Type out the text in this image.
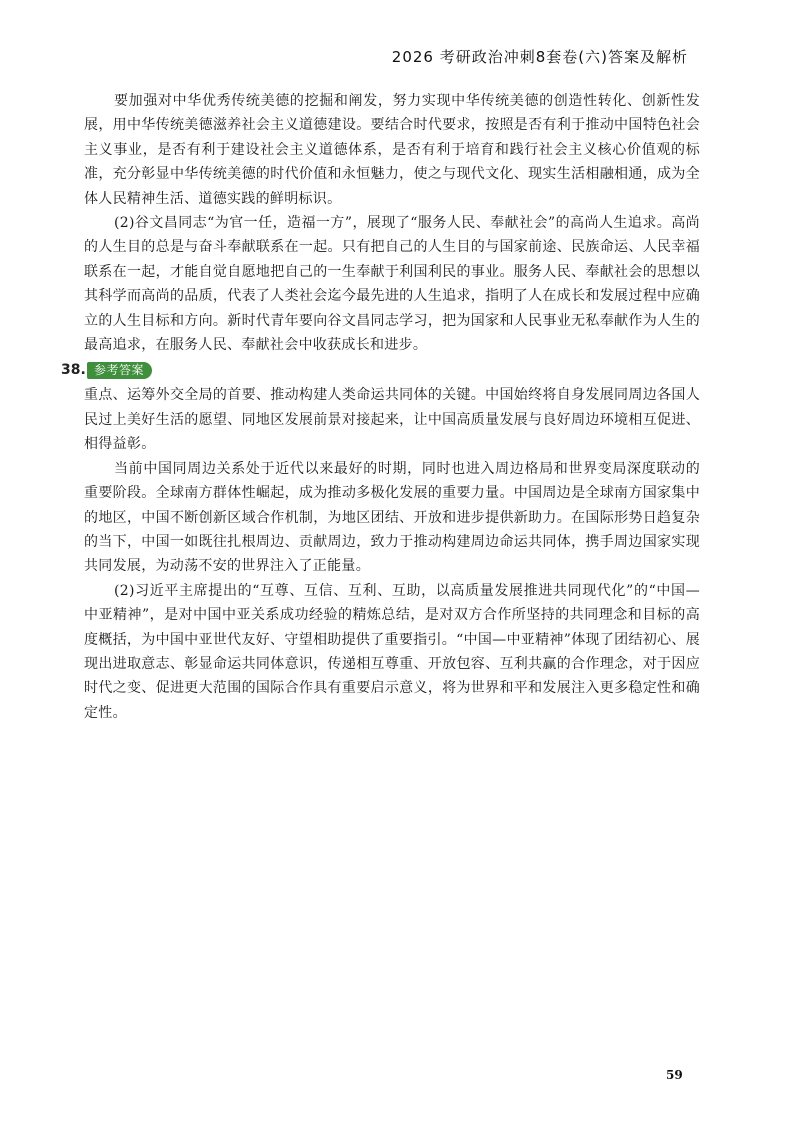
2026 考研政治冲刺8套卷(六)答案及解析

要加强对中华优秀传统美德的挖掘和阐发，努力实现中华传统美德的创造性转化、创新性发展，用中华传统美德滋养社会主义道德建设。要结合时代要求，按照是否有利于推动中国特色社会主义事业，是否有利于建设社会主义道德体系，是否有利于培育和践行社会主义核心价值观的标准，充分彰显中华传统美德的时代价值和永恒魅力，使之与现代文化、现实生活相融相通，成为全体人民精神生活、道德实践的鲜明标识。

(2)谷文昌同志“为官一任，造福一方”，展现了“服务人民、奉献社会”的高尚人生追求。高尚的人生目的总是与奋斗奉献联系在一起。只有把自己的人生目的与国家前途、民族命运、人民幸福联系在一起，才能自觉自愿地把自己的一生奉献于利国利民的事业。服务人民、奉献社会的思想以其科学而高尚的品质，代表了人类社会迄今最先进的人生追求，指明了人在成长和发展过程中应确立的人生目标和方向。新时代青年要向谷文昌同志学习，把为国家和人民事业无私奉献作为人生的最高追求，在服务人民、奉献社会中收获成长和进步。

38. 参考答案

重点、运筹外交全局的首要、推动构建人类命运共同体的关键。中国始终将自身发展同周边各国人民过上美好生活的愿望、同地区发展前景对接起来，让中国高质量发展与良好周边环境相互促进、相得益彰。

当前中国同周边关系处于近代以来最好的时期，同时也进入周边格局和世界变局深度联动的重要阶段。全球南方群体性崛起，成为推动多极化发展的重要力量。中国周边是全球南方国家集中的地区，中国不断创新区域合作机制，为地区团结、开放和进步提供新助力。在国际形势日趋复杂的当下，中国一如既往扎根周边、贡献周边，致力于推动构建周边命运共同体，携手周边国家实现共同发展，为动荡不安的世界注入了正能量。

(2)习近平主席提出的“互尊、互信、互利、互助，以高质量发展推进共同现代化”的“中国—中亚精神”，是对中国中亚关系成功经验的精炼总结，是对双方合作所坚持的共同理念和目标的高度概括，为中国中亚世代友好、守望相助提供了重要指引。“中国—中亚精神”体现了团结初心、展现出进取意志、彰显命运共同体意识，传递相互尊重、开放包容、互利共赢的合作理念，对于因应时代之变、促进更大范围的国际合作具有重要启示意义，将为世界和平和发展注入更多稳定性和确定性。

59
